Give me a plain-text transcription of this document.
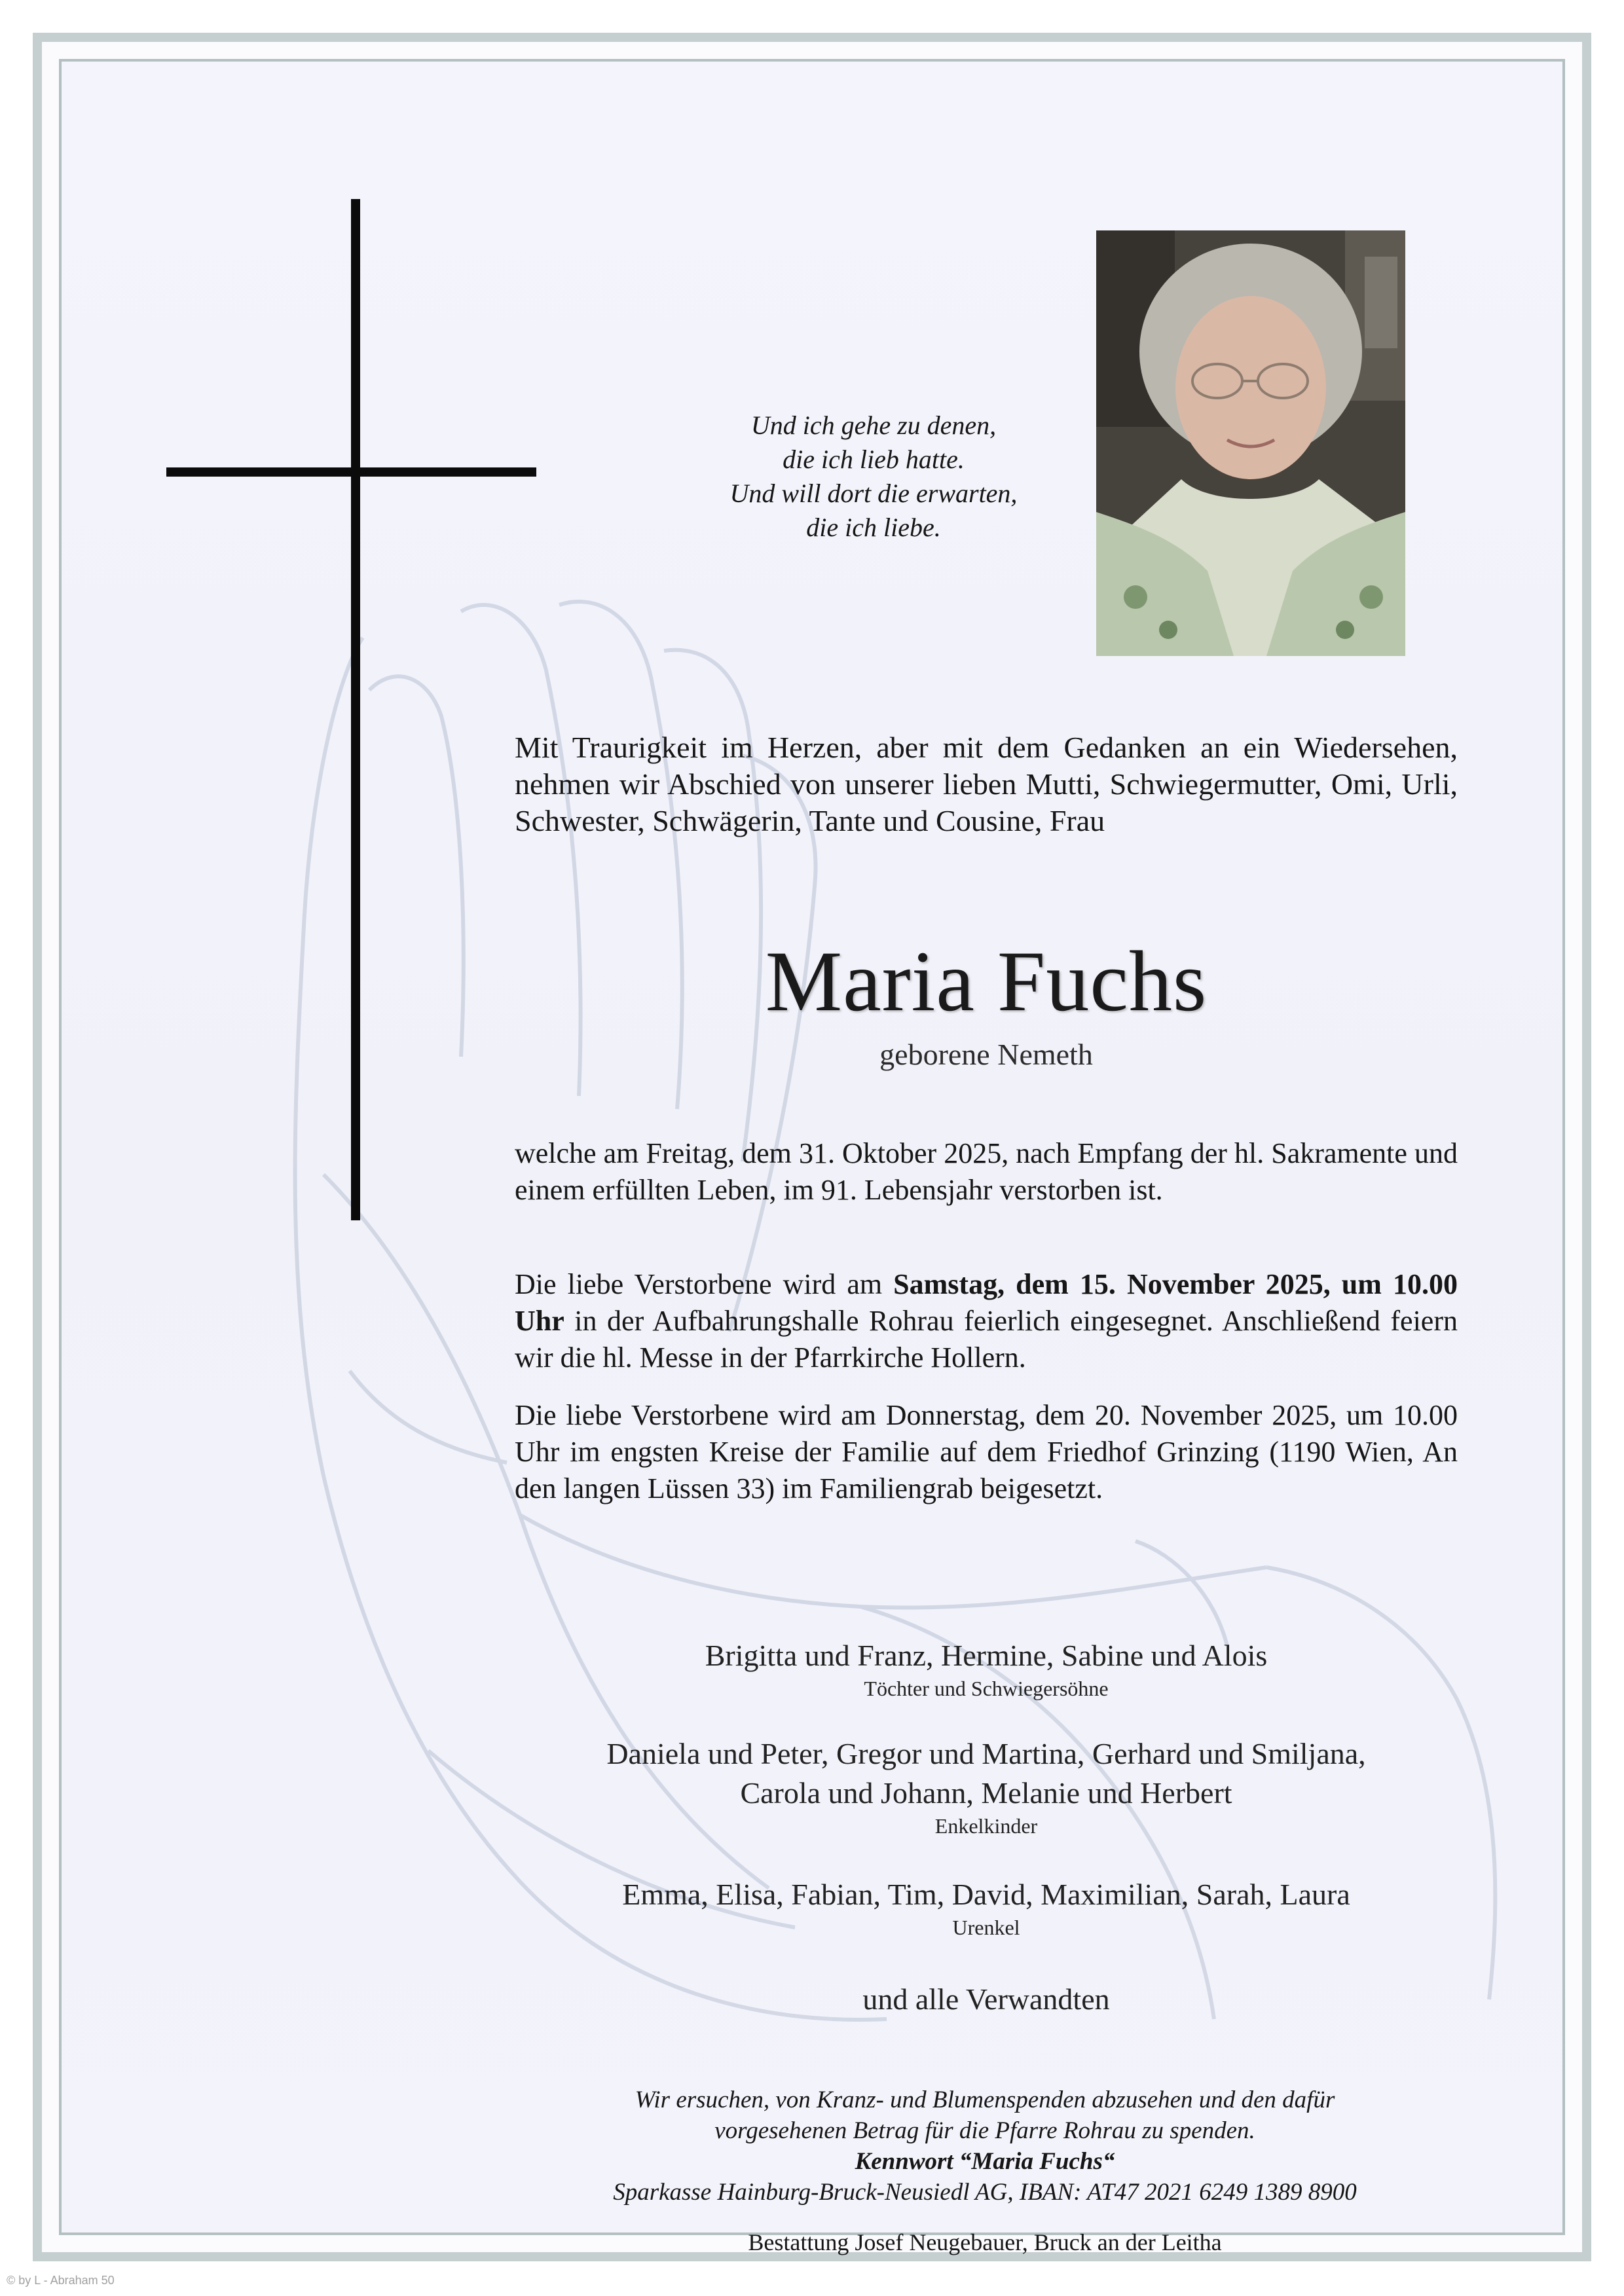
Und ich gehe zu denen,
die ich lieb hatte.
Und will dort die erwarten,
die ich liebe.
Mit Traurigkeit im Herzen, aber mit dem Gedanken an ein Wiedersehen, nehmen wir Abschied von unserer lieben Mutti, Schwiegermutter, Omi, Urli, Schwester, Schwägerin, Tante und Cousine, Frau
Maria Fuchs
geborene Nemeth
welche am Freitag, dem 31. Oktober 2025, nach Empfang der hl. Sakramente und einem erfüllten Leben, im 91. Lebensjahr verstorben ist.
Die liebe Verstorbene wird am Samstag, dem 15. November 2025, um 10.00 Uhr in der Aufbahrungshalle Rohrau feierlich eingesegnet. Anschließend feiern wir die hl. Messe in der Pfarrkirche Hollern.
Die liebe Verstorbene wird am Donnerstag, dem 20. November 2025, um 10.00 Uhr im engsten Kreise der Familie auf dem Friedhof Grinzing (1190 Wien, An den langen Lüssen 33) im Familiengrab beigesetzt.
Brigitta und Franz, Hermine, Sabine und Alois
Töchter und Schwiegersöhne
Daniela und Peter, Gregor und Martina, Gerhard und Smiljana,
Carola und Johann, Melanie und Herbert
Enkelkinder
Emma, Elisa, Fabian, Tim, David, Maximilian, Sarah, Laura
Urenkel
und alle Verwandten
Wir ersuchen, von Kranz- und Blumenspenden abzusehen und den dafür
vorgesehenen Betrag für die Pfarre Rohrau zu spenden.
Kennwort “Maria Fuchs“
Sparkasse Hainburg-Bruck-Neusiedl AG, IBAN: AT47 2021 6249 1389 8900
Bestattung Josef Neugebauer, Bruck an der Leitha
© by L - Abraham 50
